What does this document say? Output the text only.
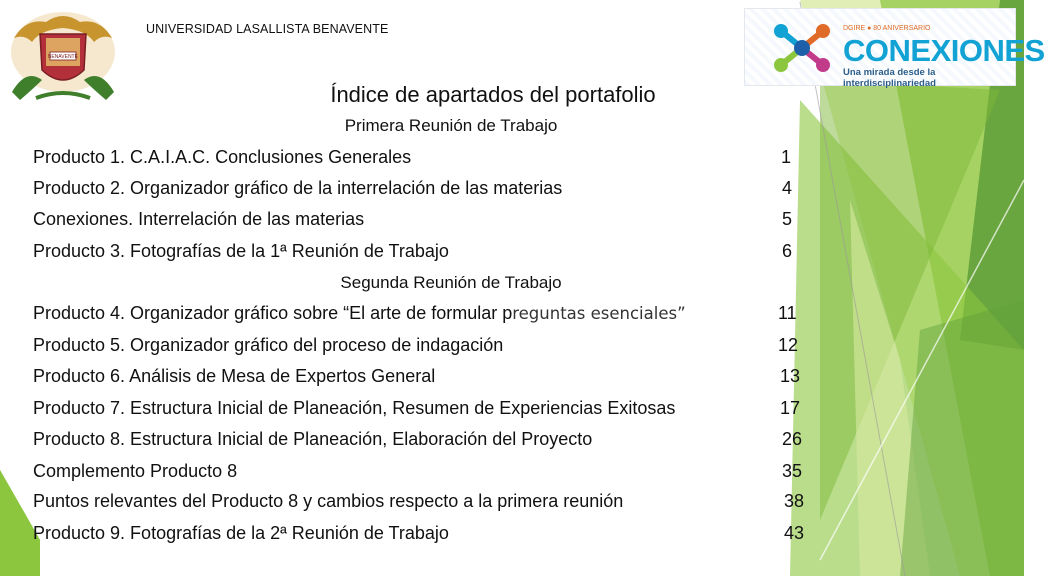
BENAVENTE
UNIVERSIDAD LASALLISTA BENAVENTE	DGIRE ● 80 ANIVERSARIO
CONEXIONES
Una mirada desde la interdisciplinariedad
Índice de apartados del portafolio
Primera Reunión de Trabajo
Segunda Reunión de Trabajo
Producto 1. C.A.I.A.C. Conclusiones Generales	1
Producto 2. Organizador gráfico de la interrelación de las materias	4
Conexiones. Interrelación de las materias	5
Producto 3. Fotografías de la 1ª Reunión de Trabajo	6
Producto 4. Organizador gráfico sobre “El arte de formular preguntas esenciales”	11
Producto 5. Organizador gráfico del proceso de indagación	12
Producto 6. Análisis de Mesa de Expertos General	13
Producto 7. Estructura Inicial de Planeación, Resumen de Experiencias Exitosas	17
Producto 8. Estructura Inicial de Planeación, Elaboración del Proyecto	26
Complemento Producto 8	35
Puntos relevantes del Producto 8 y cambios respecto a la primera reunión	38
Producto 9. Fotografías de la 2ª Reunión de Trabajo	43
